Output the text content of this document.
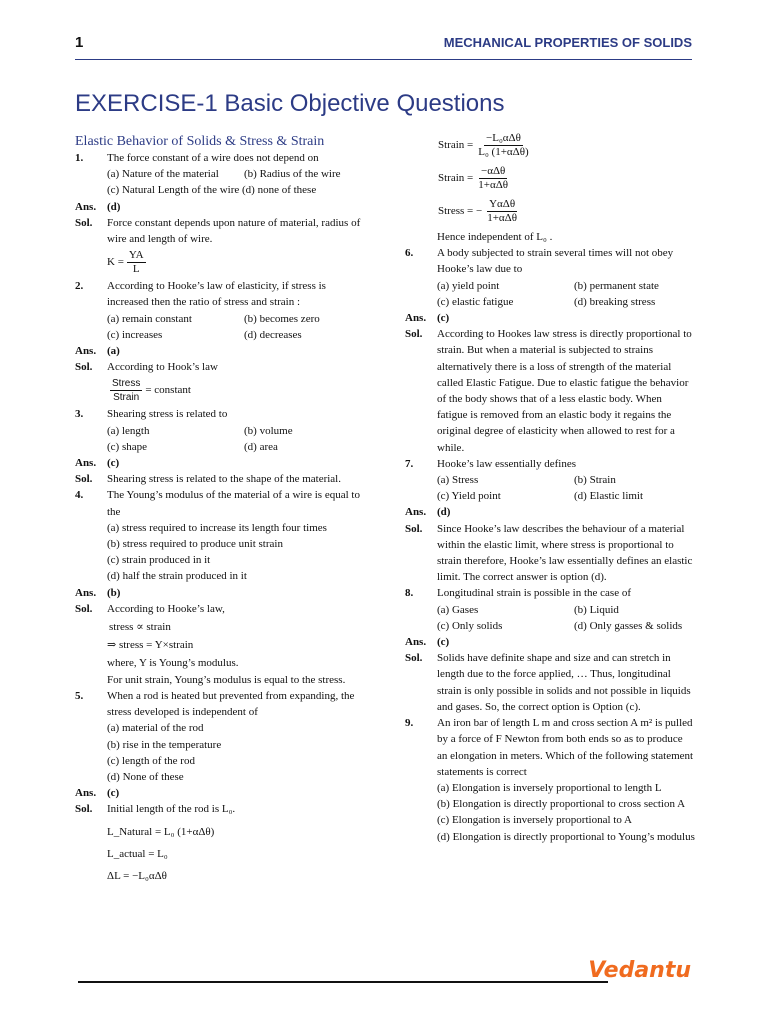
1	MECHANICAL PROPERTIES OF SOLIDS
EXERCISE-1 Basic Objective Questions
Elastic Behavior of Solids & Stress & Strain
1.	The force constant of a wire does not depend on
(a) Nature of the material	(b) Radius of the wire
(c) Natural Length of the wire (d) none of these
Ans. (d)
Sol.	Force constant depends upon nature of material, radius of wire and length of wire.
$K = \frac{YA}{L}$
2.	According to Hooke’s law of elasticity, if stress is increased then the ratio of stress and strain :
(a) remain constant	(b) becomes zero
(c) increases	(d) decreases
Ans. (a)
Sol.	According to Hook’s law
$\frac{\text{Stress}}{\text{Strain}}$ = constant
3.	Shearing stress is related to
(a) length	(b) volume
(c) shape	(d) area
Ans. (c)
Sol.	Shearing stress is related to the shape of the material.
4.	The Young’s modulus of the material of a wire is equal to the
(a) stress required to increase its length four times
(b) stress required to produce unit strain
(c) strain produced in it
(d) half the strain produced in it
Ans. (b)
Sol.	According to Hooke’s law,
stress ∝ strain
⇒ stress = Y×strain
where, Y is Young’s modulus.
For unit strain, Young’s modulus is equal to the stress.
5.	When a rod is heated but prevented from expanding, the stress developed is independent of
(a) material of the rod
(b) rise in the temperature
(c) length of the rod
(d) None of these
Ans. (c)
Sol.	Initial length of the rod is L₀.
L_Natural = L₀ (1+αΔθ)
L_actual = L₀
ΔL = −L₀αΔθ
Strain = $\frac{\text{−L₀αΔθ}}{\text{L₀ (1+αΔθ)}}$
Strain = $\frac{\text{−αΔθ}}{\text{1+αΔθ}}$
Stress = − $\frac{\text{YαΔθ}}{\text{1+αΔθ}}$
Hence independent of L₀ .
6.	A body subjected to strain several times will not obey Hooke’s law due to
(a) yield point	(b) permanent state
(c) elastic fatigue	(d) breaking stress
Ans. (c)
Sol.	According to Hookes law stress is directly proportional to strain. But when a material is subjected to strains alternatively there is a loss of strength of the material called Elastic Fatigue. Due to elastic fatigue the behavior of the body shows that of a less elastic body. When fatigue is removed from an elastic body it regains the original degree of elasticity when allowed to rest for a while.
7.	Hooke’s law essentially defines
(a) Stress	(b) Strain
(c) Yield point	(d) Elastic limit
Ans. (d)
Sol.	Since Hooke’s law describes the behaviour of a material within the elastic limit, where stress is proportional to strain therefore, Hooke’s law essentially defines an elastic limit. The correct answer is option (d).
8.	Longitudinal strain is possible in the case of
(a) Gases	(b) Liquid
(c) Only solids	(d) Only gasses & solids
Ans. (c)
Sol.	Solids have definite shape and size and can stretch in length due to the force applied, … Thus, longitudinal strain is only possible in solids and not possible in liquids and gases. So, the correct option is Option (c).
9.	An iron bar of length L m and cross section A m² is pulled by a force of F Newton from both ends so as to produce an elongation in meters. Which of the following statement statements is correct
(a) Elongation is inversely proportional to length L
(b) Elongation is directly proportional to cross section A
(c) Elongation is inversely proportional to A
(d) Elongation is directly proportional to Young’s modulus
Vedantu
